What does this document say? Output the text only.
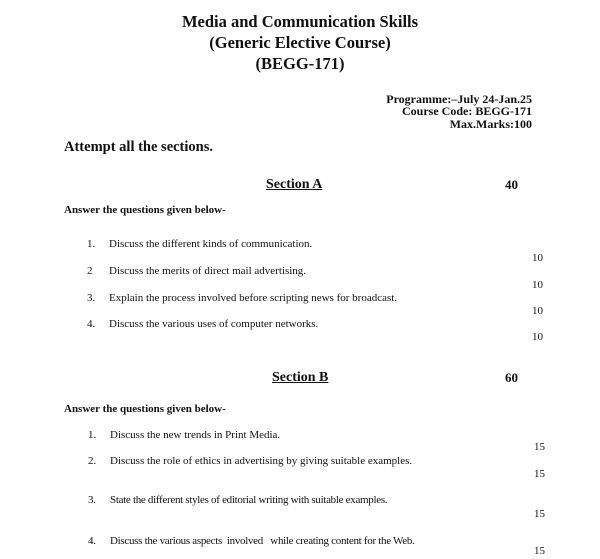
Media and Communication Skills
(Generic Elective Course)
(BEGG-171)
Programme:–July 24-Jan.25
Course Code: BEGG-171
Max.Marks:100
Attempt all the sections.
Section A	40
Answer the questions given below-
1. Discuss the different kinds of communication.
10
2 Discuss the merits of direct mail advertising.
10
3. Explain the process involved before scripting news for broadcast.
10
4. Discuss the various uses of computer networks.
10
Section B	60
Answer the questions given below-
1. Discuss the new trends in Print Media.
15
2. Discuss the role of ethics in advertising by giving suitable examples.
15
3. State the different styles of editorial writing with suitable examples.
15
4. Discuss the various aspects  involved   while creating content for the Web.
15
